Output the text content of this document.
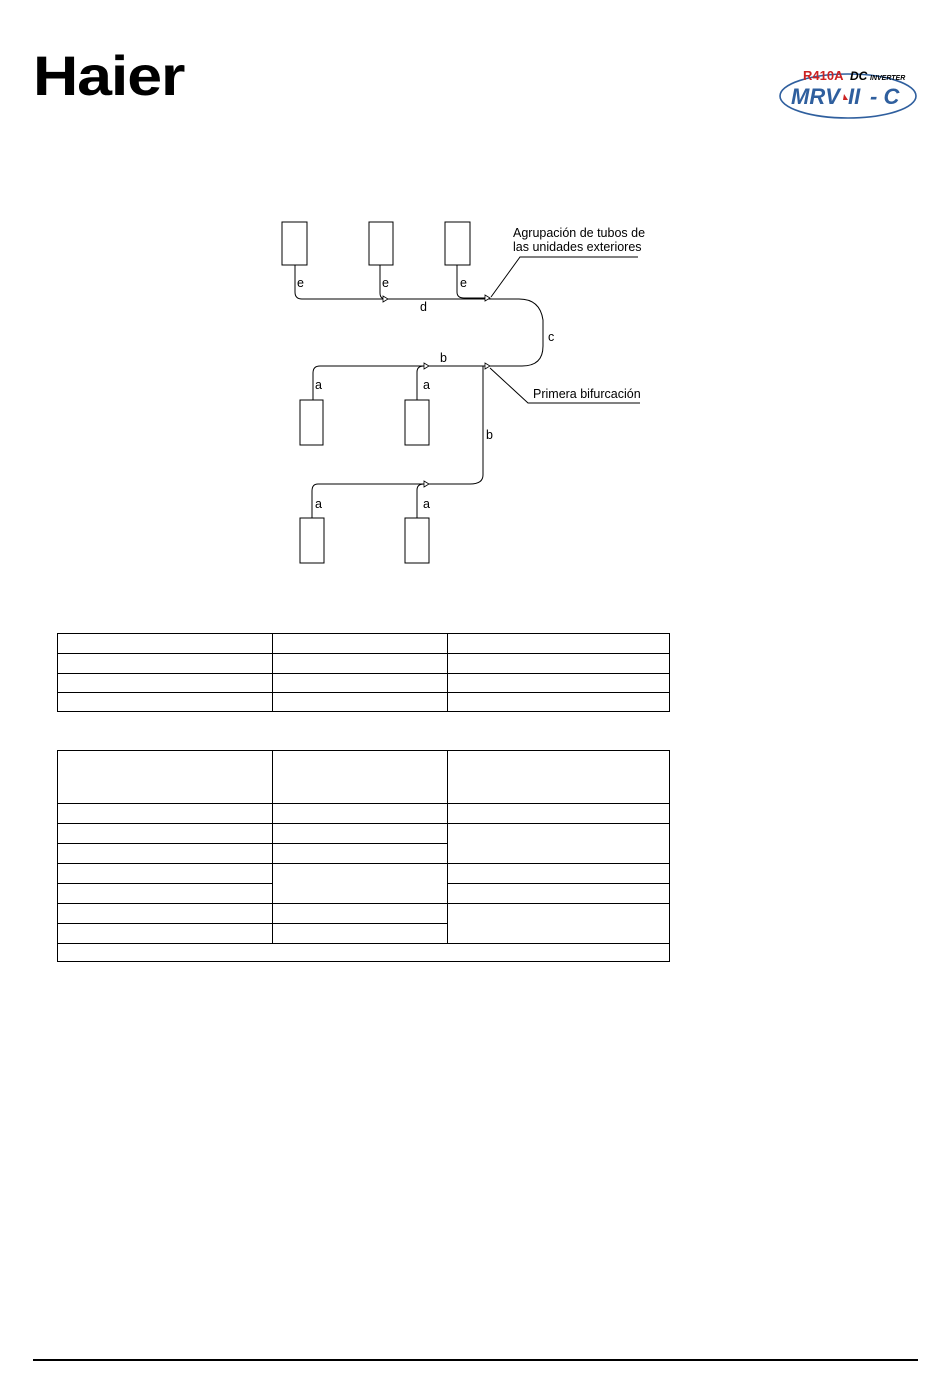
Haier	R410A DC INVERTER
MRV II - C
Agrupación de tubos de
las unidades exteriores
Primera bifurcación
e	e	e
d
c
b
a	a
b
a	a
